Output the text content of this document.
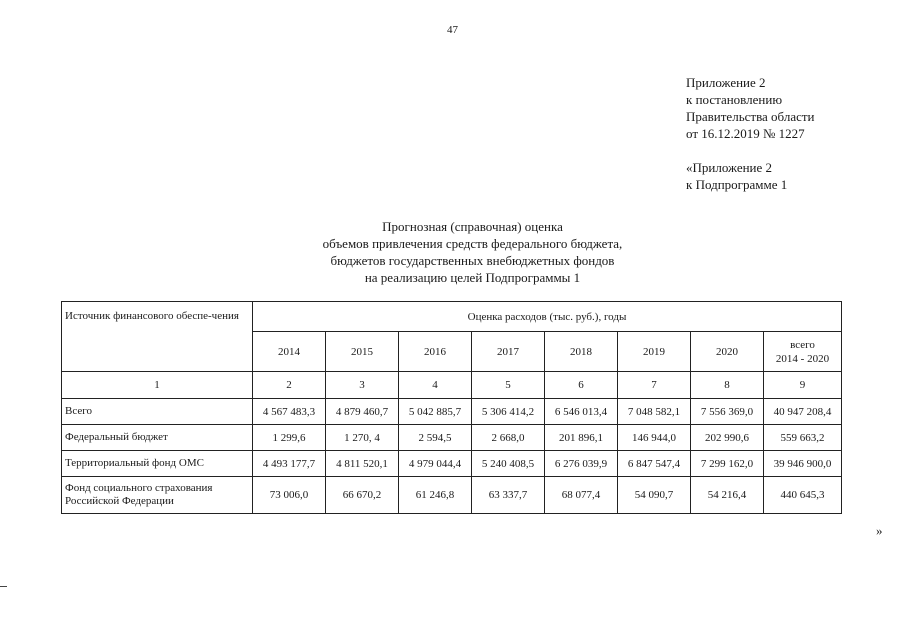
47
Приложение 2
к постановлению
Правительства области
от 16.12.2019 № 1227
«Приложение 2
к Подпрограмме 1
Прогнозная (справочная) оценка
объемов привлечения средств федерального бюджета,
бюджетов государственных внебюджетных фондов
на реализацию целей Подпрограммы 1
Источник финансового обеспе-чения	Оценка расходов (тыс. руб.), годы							
	2014	2015	2016	2017	2018	2019	2020	всего
2014 - 2020
1	2	3	4	5	6	7	8	9
Всего	4 567 483,3	4 879 460,7	5 042 885,7	5 306 414,2	6 546 013,4	7 048 582,1	7 556 369,0	40 947 208,4
Федеральный бюджет	1 299,6	1 270, 4	2 594,5	2 668,0	201 896,1	146 944,0	202 990,6	559 663,2
Территориальный фонд ОМС	4 493 177,7	4 811 520,1	4 979 044,4	5 240 408,5	6 276 039,9	6 847 547,4	7 299 162,0	39 946 900,0
Фонд социального страхования Российской Федерации	73 006,0	66 670,2	61 246,8	63 337,7	68 077,4	54 090,7	54 216,4	440 645,3
»
